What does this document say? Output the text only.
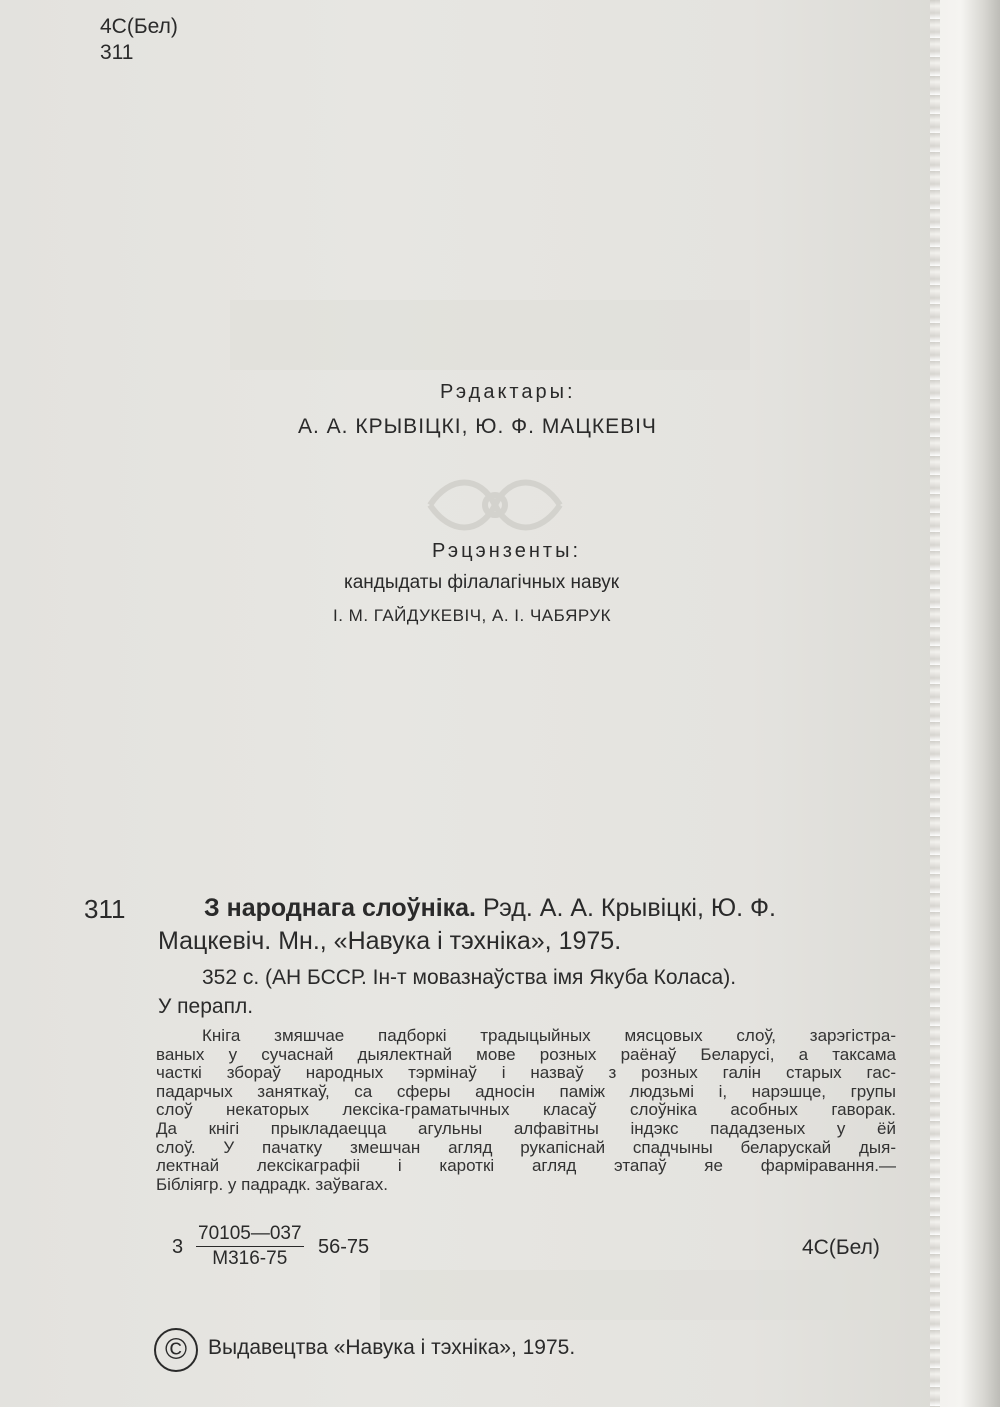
4С(Бел)
311
Рэдактары:
А. А. КРЫВІЦКІ, Ю. Ф. МАЦКЕВІЧ
Рэцэнзенты:
кандыдаты філалагічных навук
І. М. ГАЙДУКЕВІЧ, А. І. ЧАБЯРУК
311	З народнага слоўніка. Рэд. А. А. Крывіцкі, Ю. Ф.
Мацкевіч. Мн., «Навука і тэхніка», 1975.
352 с. (АН БССР. Ін-т мовазнаўства імя Якуба Коласа).
У перапл.
Кніга змяшчае падборкі традыцыйных мясцовых слоў, зарэгістра-
ваных у сучаснай дыялектнай мове розных раёнаў Беларусі, а таксама
часткі збораў народных тэрмінаў і назваў з розных галін старых гас-
падарчых заняткаў, са сферы адносін паміж людзьмі і, нарэшце, групы
слоў некаторых лексіка-граматычных класаў слоўніка асобных гаворак.
Да кнігі прыкладаецца агульны алфавітны індэкс пададзеных у ёй
слоў. У пачатку змешчан агляд рукапіснай спадчыны беларускай дыя-
лектнай лексікаграфіі і кароткі агляд этапаў яе фарміравання.—
Бібліягр. у падрадк. заўвагах.
3
70105—037
М316-75
56-75	4С(Бел)
© Выдавецтва «Навука і тэхніка», 1975.
